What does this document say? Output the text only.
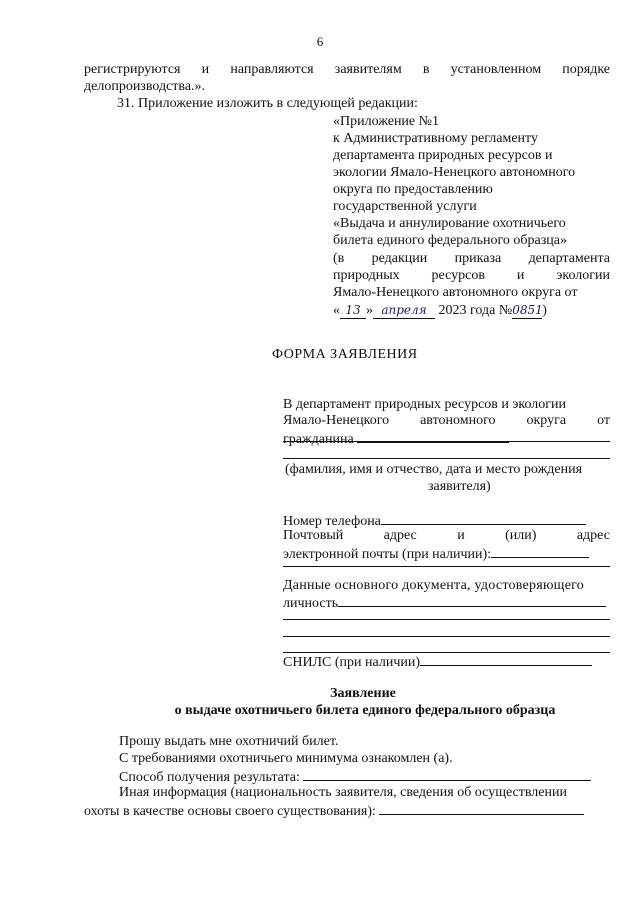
6
регистрируются и направляются заявителям в установленном порядке
делопроизводства.».
31. Приложение изложить в следующей редакции:
«Приложение №1
к Административному регламенту
департамента природных ресурсов и
экологии Ямало-Ненецкого автономного
округа по предоставлению
государственной услуги
«Выдача и аннулирование охотничьего
билета единого федерального образца»
(в редакции приказа департамента
природных ресурсов и экологии
Ямало-Ненецкого автономного округа от
« 13 » апреля 2023 года №0851)
ФОРМА ЗАЯВЛЕНИЯ
В департамент природных ресурсов и экологии
Ямало-Ненецкого автономного округа от
гражданина
(фамилия, имя и отчество, дата и место рождения
заявителя)
Номер телефона
Почтовый	адрес	и	(или)	адрес
электронной почты (при наличии):
Данные основного документа, удостоверяющего
личность
СНИЛС (при наличии)
Заявление
о выдаче охотничьего билета единого федерального образца
Прошу выдать мне охотничий билет.
С требованиями охотничьего минимума ознакомлен (а).
Способ получения результата:
Иная информация (национальность заявителя, сведения об осуществлении
охоты в качестве основы своего существования):
